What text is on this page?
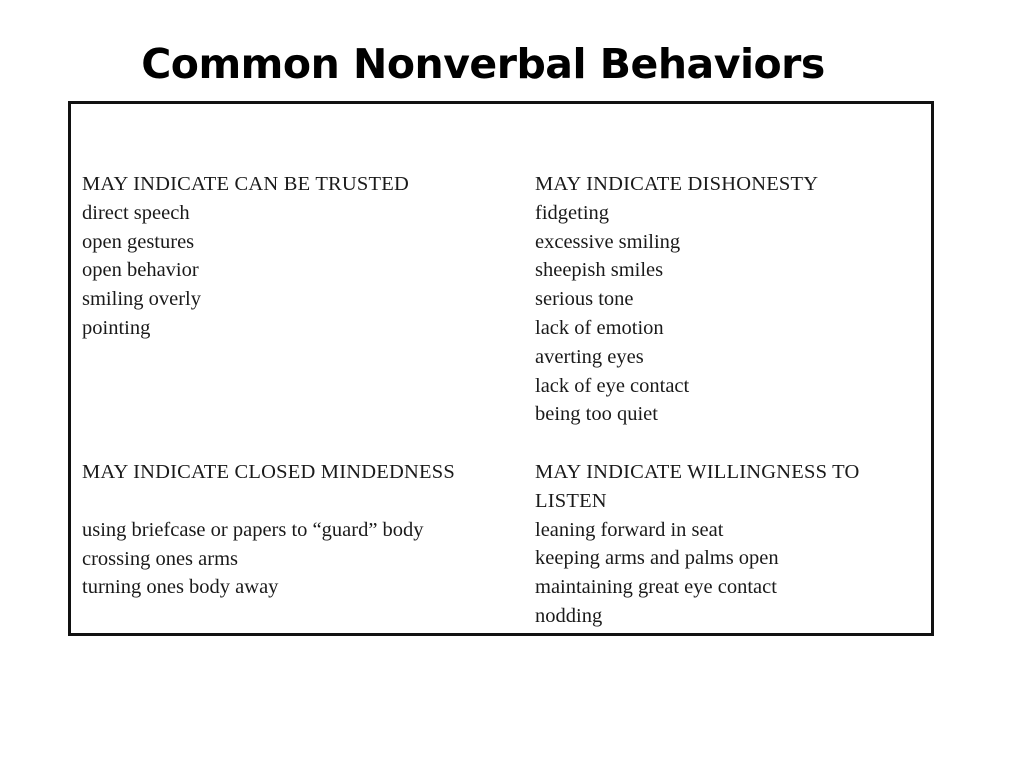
Common Nonverbal Behaviors
MAY INDICATE CAN BE TRUSTED
direct speech
open gestures
open behavior
smiling overly
pointing
MAY INDICATE DISHONESTY
fidgeting
excessive smiling
sheepish smiles
serious tone
lack of emotion
averting eyes
lack of eye contact
being too quiet
MAY INDICATE CLOSED MINDEDNESS
using briefcase or papers to “guard” body
crossing ones arms
turning ones body away
MAY INDICATE WILLINGNESS TO
LISTEN
leaning forward in seat
keeping arms and palms open
maintaining great eye contact
nodding
